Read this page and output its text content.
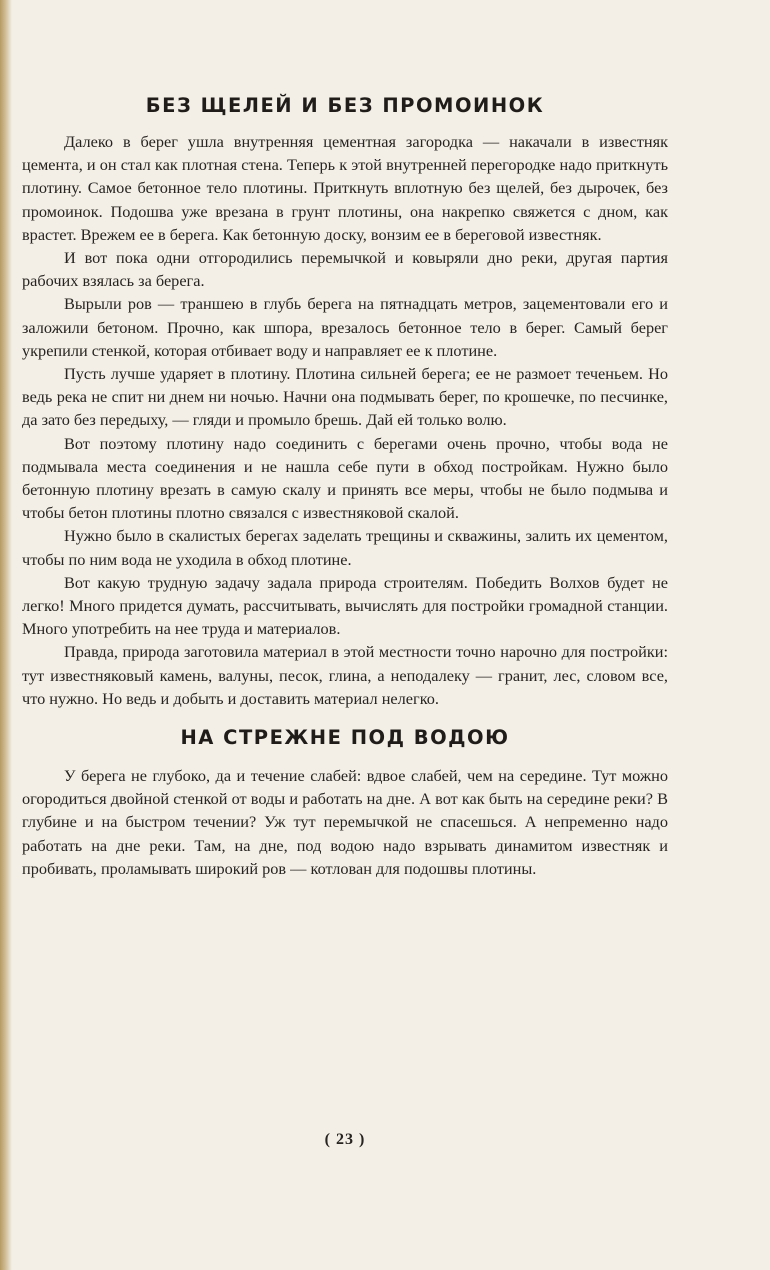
БЕЗ ЩЕЛЕЙ И БЕЗ ПРОМОИНОК

Далеко в берег ушла внутренняя цементная загородка — накачали в известняк цемента, и он стал как плотная стена. Теперь к этой внутренней перегородке надо приткнуть плотину. Самое бетонное тело плотины. Приткнуть вплотную без щелей, без дырочек, без промоинок. Подошва уже врезана в грунт плотины, она накрепко свяжется с дном, как врастет. Врежем ее в берега. Как бетонную доску, вонзим ее в береговой известняк.

И вот пока одни отгородились перемычкой и ковыряли дно реки, другая партия рабочих взялась за берега.

Вырыли ров — траншею в глубь берега на пятнадцать метров, зацементовали его и заложили бетоном. Прочно, как шпора, врезалось бетонное тело в берег. Самый берег укрепили стенкой, которая отбивает воду и направляет ее к плотине.

Пусть лучше ударяет в плотину. Плотина сильней берега; ее не размоет теченьем. Но ведь река не спит ни днем ни ночью. Начни она подмывать берег, по крошечке, по песчинке, да зато без передыху, — гляди и промыло брешь. Дай ей только волю.

Вот поэтому плотину надо соединить с берегами очень прочно, чтобы вода не подмывала места соединения и не нашла себе пути в обход постройкам. Нужно было бетонную плотину врезать в самую скалу и принять все меры, чтобы не было подмыва и чтобы бетон плотины плотно связался с известняковой скалой.

Нужно было в скалистых берегах заделать трещины и скважины, залить их цементом, чтобы по ним вода не уходила в обход плотине.

Вот какую трудную задачу задала природа строителям. Победить Волхов будет не легко! Много придется думать, рассчитывать, вычислять для постройки громадной станции. Много употребить на нее труда и материалов.

Правда, природа заготовила материал в этой местности точно нарочно для постройки: тут известняковый камень, валуны, песок, глина, а неподалеку — гранит, лес, словом все, что нужно. Но ведь и добыть и доставить материал нелегко.

НА СТРЕЖНЕ ПОД ВОДОЮ

У берега не глубоко, да и течение слабей: вдвое слабей, чем на середине. Тут можно огородиться двойной стенкой от воды и работать на дне. А вот как быть на середине реки? В глубине и на быстром течении? Уж тут перемычкой не спасешься. А непременно надо работать на дне реки. Там, на дне, под водою надо взрывать динамитом известняк и пробивать, проламывать широкий ров — котлован для подошвы плотины.

( 23 )
